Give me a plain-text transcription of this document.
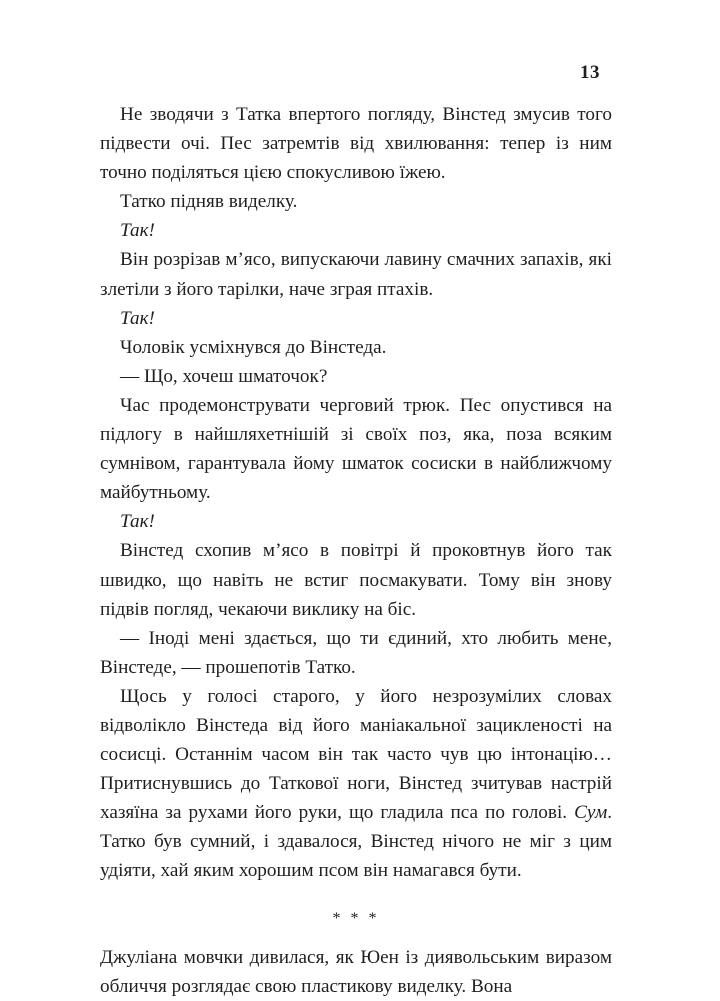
13

Не зводячи з Татка впертого погляду, Вінстед змусив того підвести очі. Пес затремтів від хвилювання: тепер із ним точно поділяться цією спокусливою їжею.

Татко підняв виделку.

Так!

Він розрізав м’ясо, випускаючи лавину смачних запахів, які злетіли з його тарілки, наче зграя птахів.

Так!

Чоловік усміхнувся до Вінстеда.

— Що, хочеш шматочок?

Час продемонструвати черговий трюк. Пес опустився на підлогу в найшляхетнішій зі своїх поз, яка, поза всяким сумнівом, гарантувала йому шматок сосиски в найближчому майбутньому.

Так!

Вінстед схопив м’ясо в повітрі й проковтнув його так швидко, що навіть не встиг посмакувати. Тому він знову підвів погляд, чекаючи виклику на біс.

— Іноді мені здається, що ти єдиний, хто любить мене, Вінстеде, — прошепотів Татко.

Щось у голосі старого, у його незрозумілих словах відволікло Вінстеда від його маніакальної зацикленості на сосисці. Останнім часом він так часто чув цю інтонацію… Притиснувшись до Таткової ноги, Вінстед зчитував настрій хазяїна за рухами його руки, що гладила пса по голові. Сум. Татко був сумний, і здавалося, Вінстед нічого не міг з цим удіяти, хай яким хорошим псом він намагався бути.

* * *

Джуліана мовчки дивилася, як Юен із диявольським виразом обличчя розглядає свою пластикову виделку. Вона
